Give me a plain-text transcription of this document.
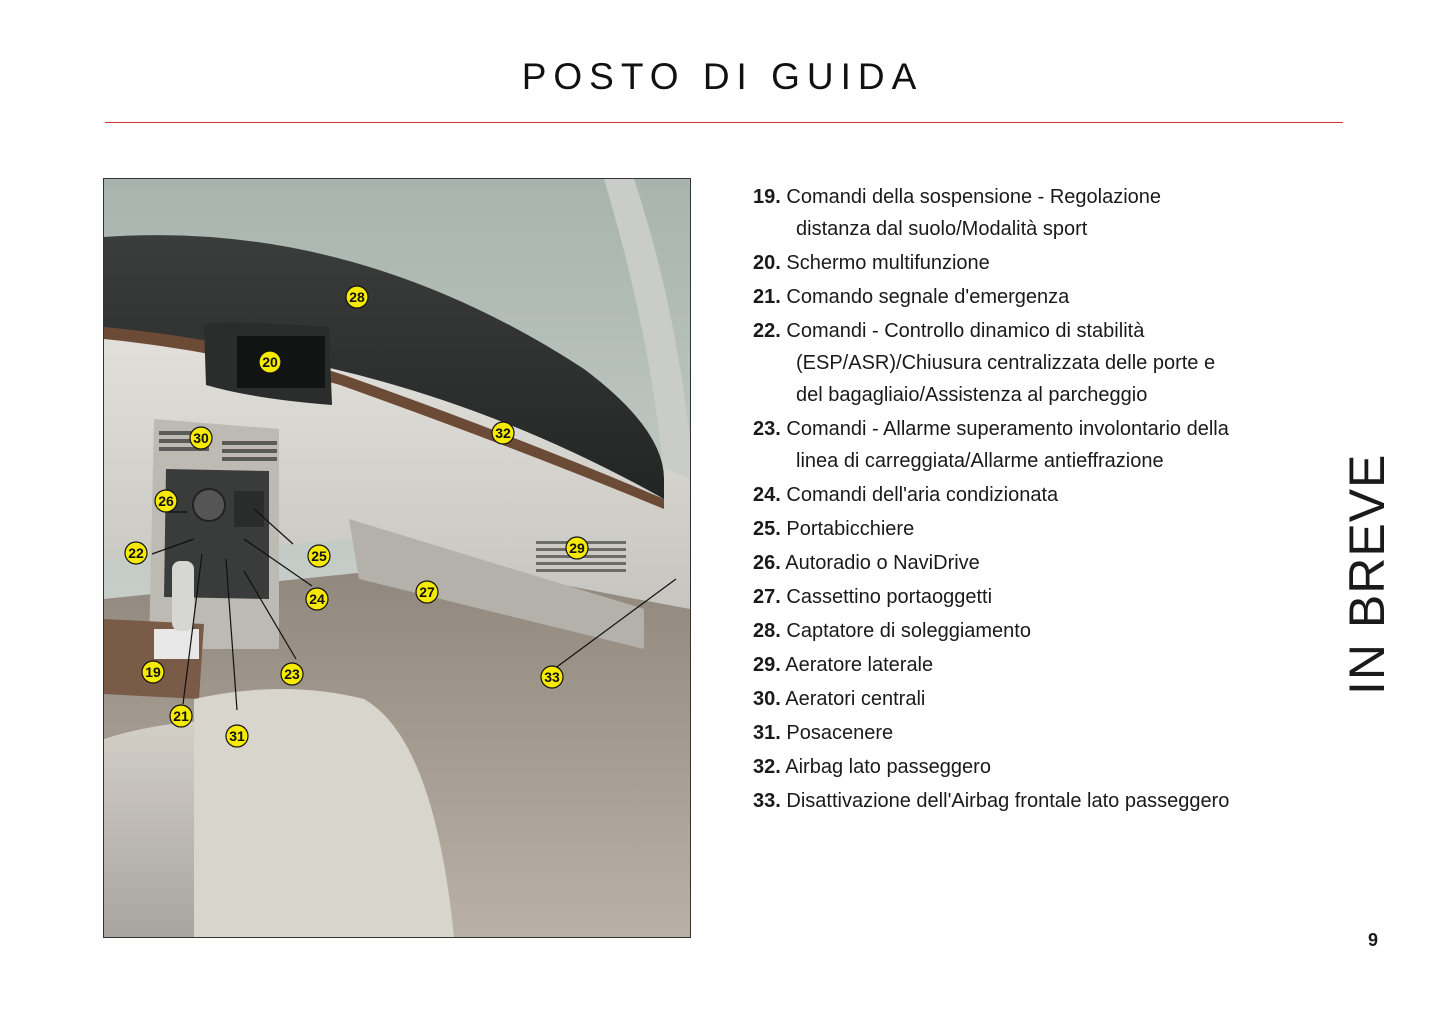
POSTO DI GUIDA
19
20
21
22
23
24
25
26
27
28
29
30
31
32
33
19. Comandi della sospensione - Regolazione
distanza dal suolo/Modalità sport
20. Schermo multifunzione
21. Comando segnale d'emergenza
22. Comandi - Controllo dinamico di stabilità
(ESP/ASR)/Chiusura centralizzata delle porte e
del bagagliaio/Assistenza al parcheggio
23. Comandi - Allarme superamento involontario della
linea di carreggiata/Allarme antieffrazione
24. Comandi dell'aria condizionata
25. Portabicchiere
26. Autoradio o NaviDrive
27. Cassettino portaoggetti
28. Captatore di soleggiamento
29. Aeratore laterale
30. Aeratori centrali
31. Posacenere
32. Airbag lato passeggero
33. Disattivazione dell'Airbag frontale lato passeggero
IN BREVE
9
